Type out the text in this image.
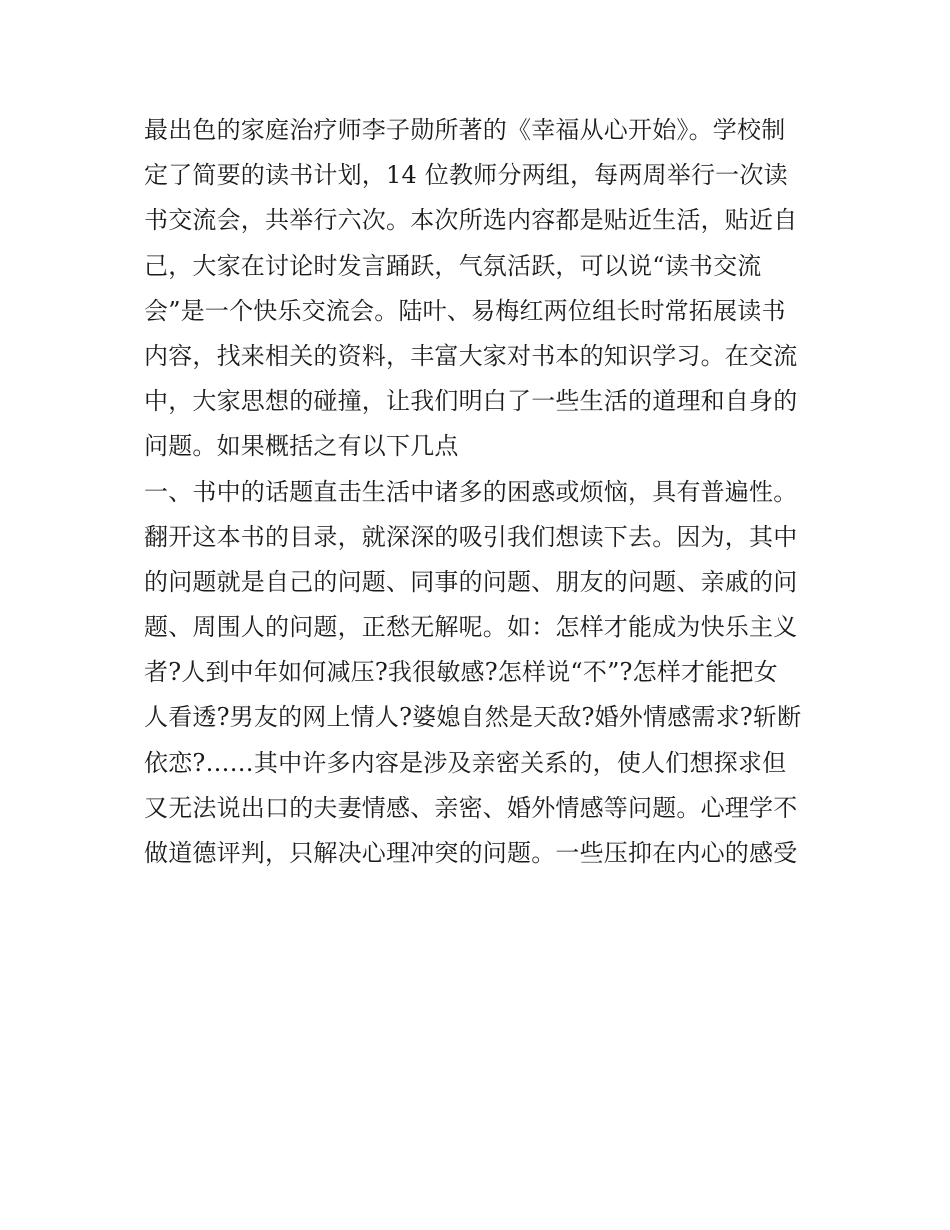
最出色的家庭治疗师李子勋所著的《幸福从心开始》。学校制
定了简要的读书计划，14 位教师分两组，每两周举行一次读
书交流会，共举行六次。本次所选内容都是贴近生活，贴近自
己，大家在讨论时发言踊跃，气氛活跃，可以说“读书交流
会”是一个快乐交流会。陆叶、易梅红两位组长时常拓展读书
内容，找来相关的资料，丰富大家对书本的知识学习。在交流
中，大家思想的碰撞，让我们明白了一些生活的道理和自身的
问题。如果概括之有以下几点
一、书中的话题直击生活中诸多的困惑或烦恼，具有普遍性。
翻开这本书的目录，就深深的吸引我们想读下去。因为，其中
的问题就是自己的问题、同事的问题、朋友的问题、亲戚的问
题、周围人的问题，正愁无解呢。如：怎样才能成为快乐主义
者?人到中年如何减压?我很敏感?怎样说“不”?怎样才能把女
人看透?男友的网上情人?婆媳自然是天敌?婚外情感需求?斩断
依恋?……其中许多内容是涉及亲密关系的，使人们想探求但
又无法说出口的夫妻情感、亲密、婚外情感等问题。心理学不
做道德评判，只解决心理冲突的问题。一些压抑在内心的感受
